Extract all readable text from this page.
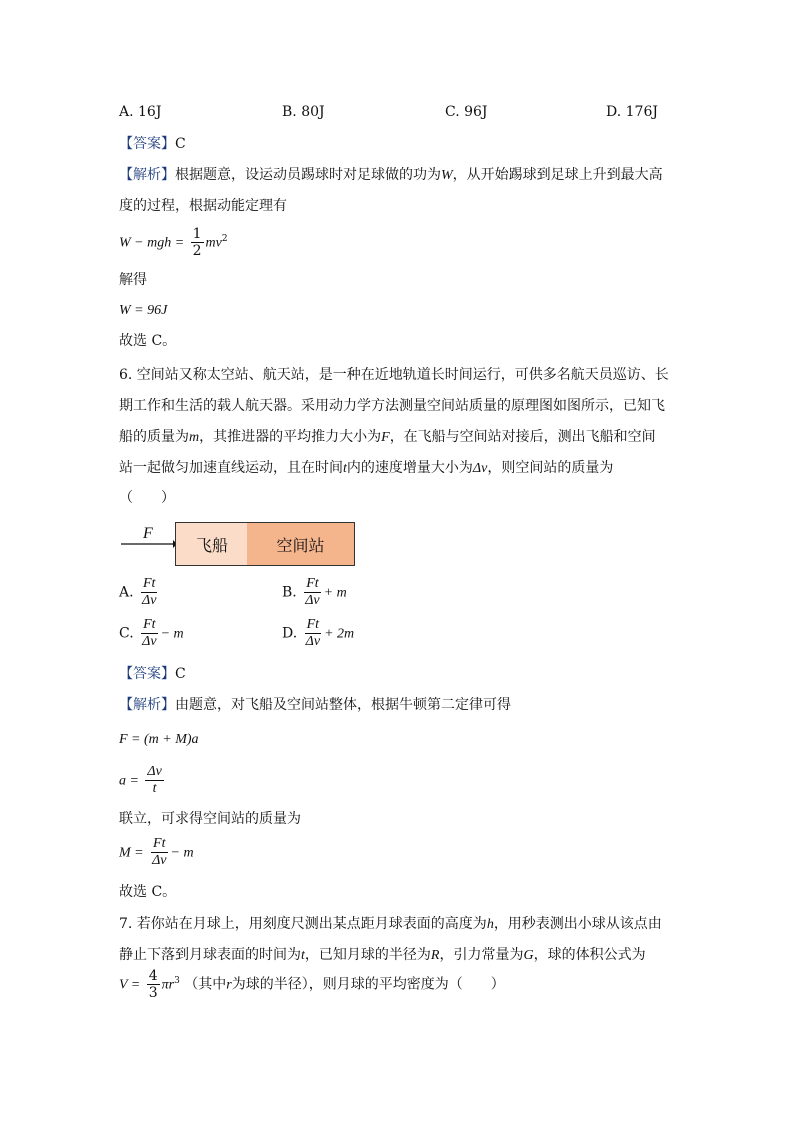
A. 16J	B. 80J	C. 96J	D. 176J
【答案】C
【解析】根据题意，设运动员踢球时对足球做的功为W，从开始踢球到足球上升到最大高
度的过程，根据动能定理有
W − mgh = $\frac{1}{2} mv^2$
解得
W = 96J
故选 C。
6. 空间站又称太空站、航天站，是一种在近地轨道长时间运行，可供多名航天员巡访、长
期工作和生活的载人航天器。采用动力学方法测量空间站质量的原理图如图所示，已知飞
船的质量为m，其推进器的平均推力大小为F，在飞船与空间站对接后，测出飞船和空间
站一起做匀加速直线运动，且在时间t内的速度增量大小为Δv，则空间站的质量为
（　　）
F
飞船	空间站
A. $\frac{Ft}{\Delta v}$	B. $\frac{Ft}{\Delta v} + m$
C. $\frac{Ft}{\Delta v} - m$	D. $\frac{Ft}{\Delta v} + 2m$
【答案】C
【解析】由题意，对飞船及空间站整体，根据牛顿第二定律可得
F = (m + M)a
$a = \frac{\Delta v}{t}$
联立，可求得空间站的质量为
$M = \frac{Ft}{\Delta v} - m$
故选 C。
7. 若你站在月球上，用刻度尺测出某点距月球表面的高度为h，用秒表测出小球从该点由
静止下落到月球表面的时间为t，已知月球的半径为R，引力常量为G，球的体积公式为
$V = \frac{4}{3} \pi r^3$ （其中r为球的半径），则月球的平均密度为（　　）
